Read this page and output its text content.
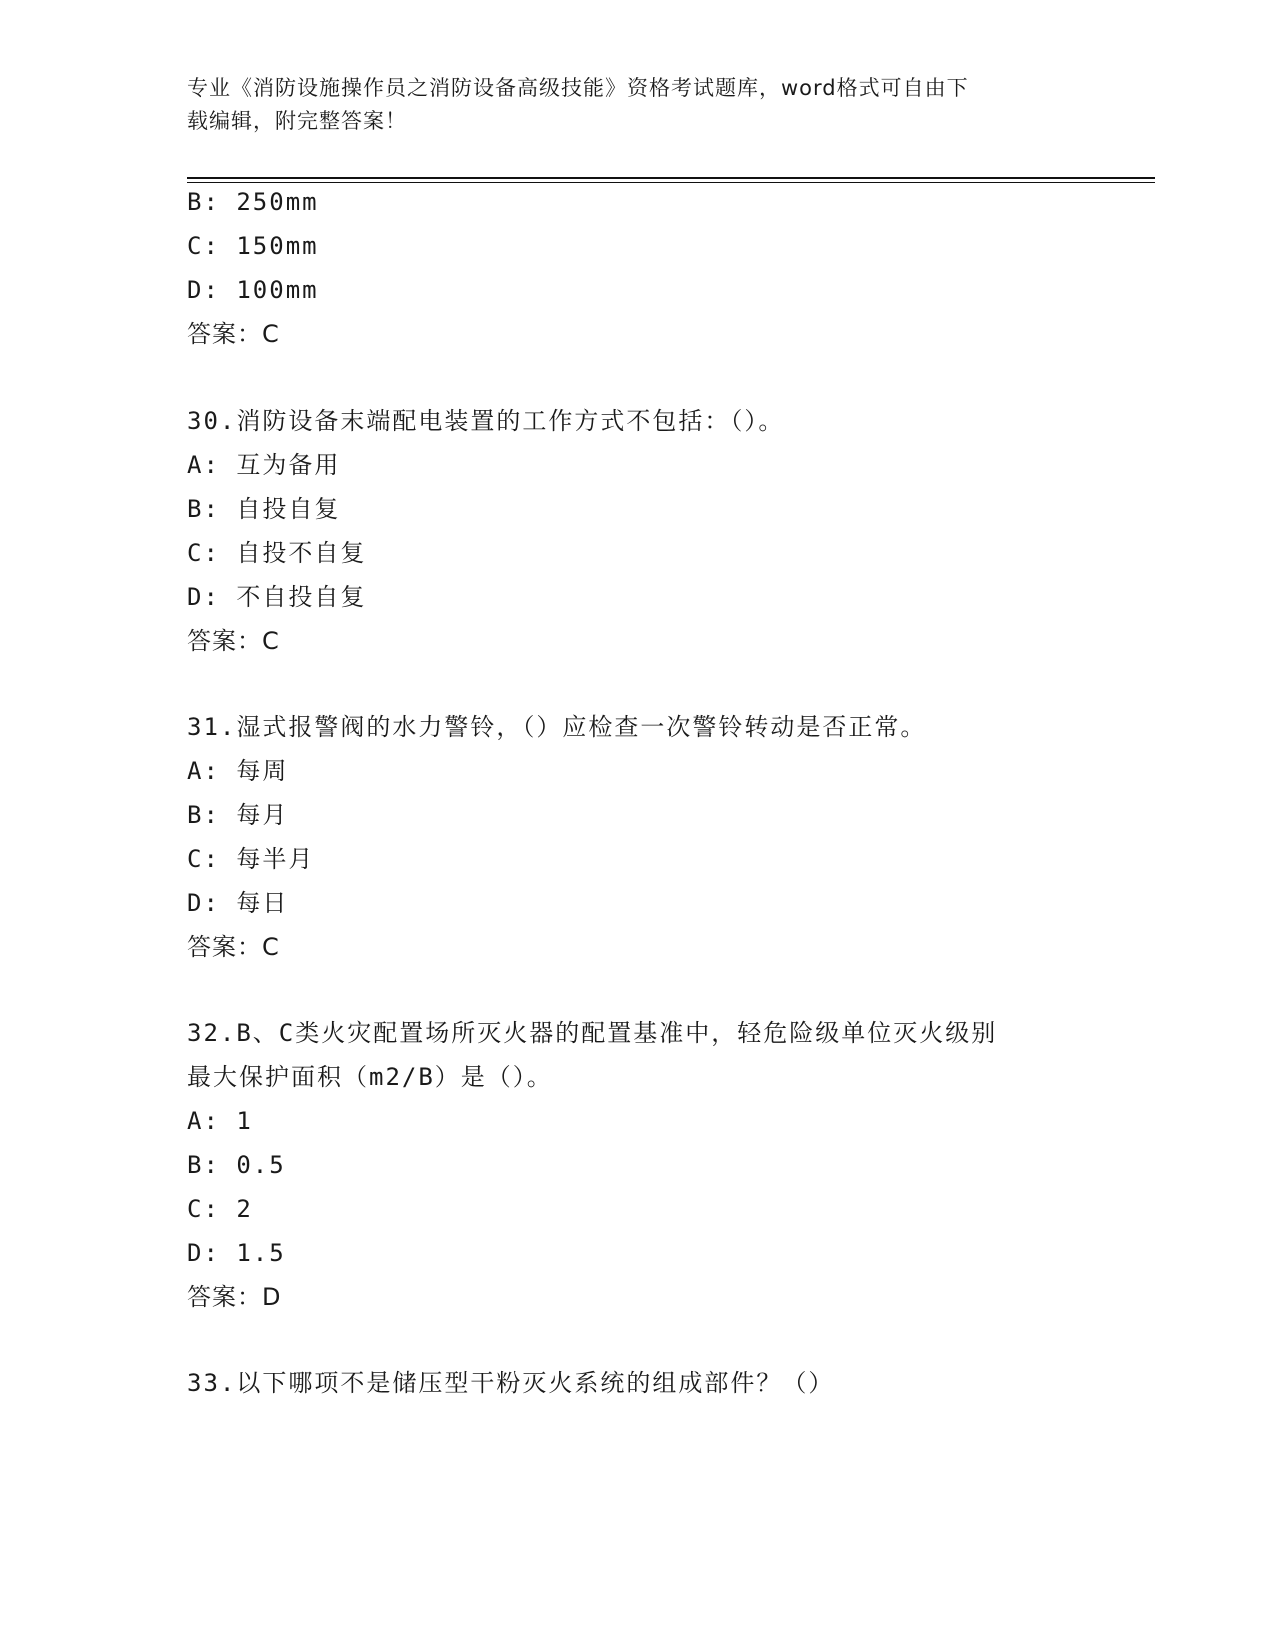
专业《消防设施操作员之消防设备高级技能》资格考试题库，word格式可自由下
载编辑，附完整答案！
B: 250mm
C: 150mm
D: 100mm
答案：C
30.消防设备末端配电装置的工作方式不包括：（）。
A: 互为备用
B: 自投自复
C: 自投不自复
D: 不自投自复
答案：C
31.湿式报警阀的水力警铃，（）应检查一次警铃转动是否正常。
A: 每周
B: 每月
C: 每半月
D: 每日
答案：C
32.B、C类火灾配置场所灭火器的配置基准中，轻危险级单位灭火级别
最大保护面积（m2/B）是（）。
A: 1
B: 0.5
C: 2
D: 1.5
答案：D
33.以下哪项不是储压型干粉灭火系统的组成部件？（）
